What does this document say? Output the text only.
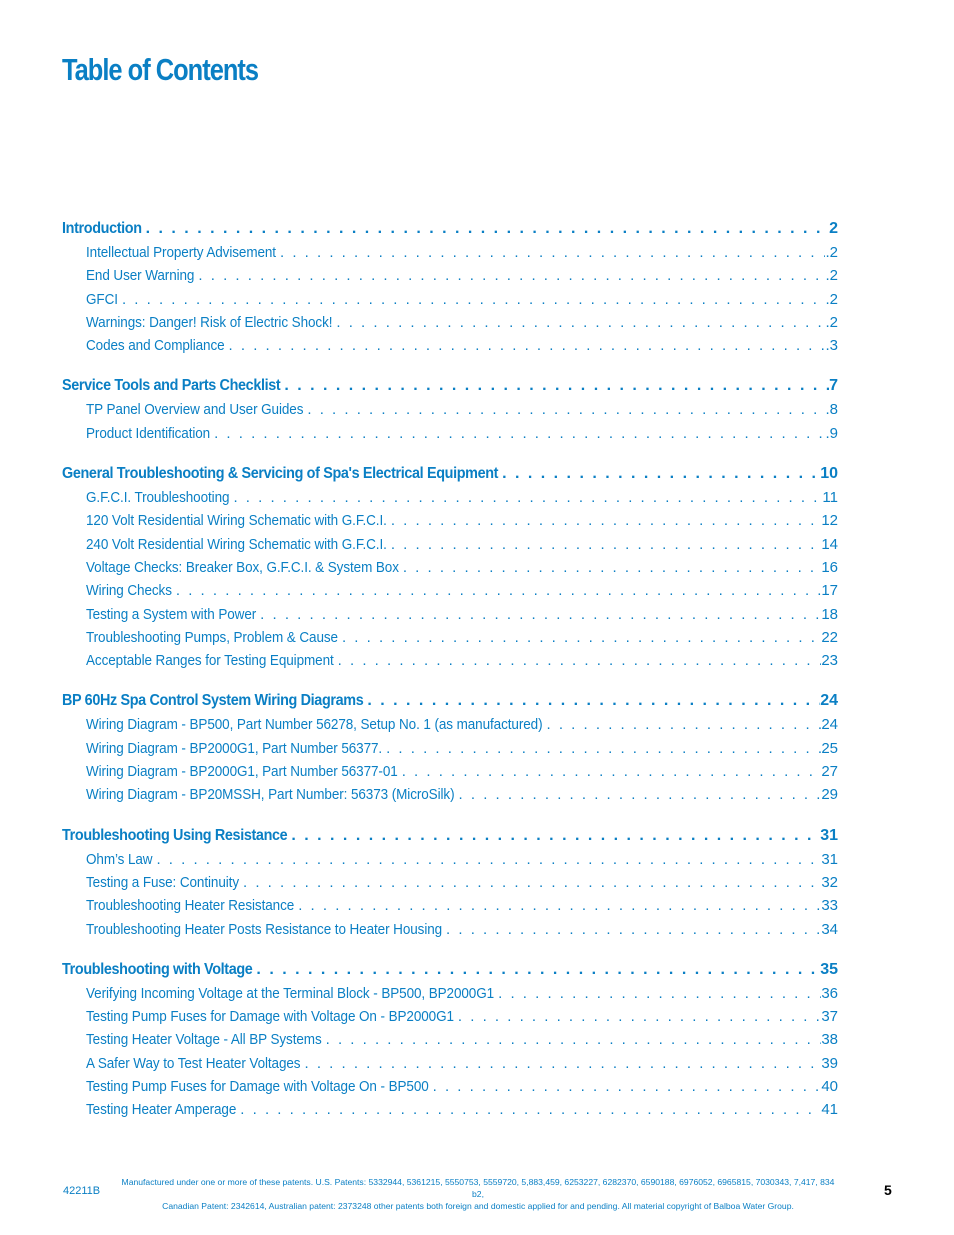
Table of Contents
Introduction . . .	2
Intellectual Property Advisement . . .	.2
End User Warning . . .	.2
GFCI . . .	.2
Warnings: Danger! Risk of Electric Shock! . . .	.2
Codes and Compliance . . .	.3
Service Tools and Parts Checklist . . .	7
TP Panel Overview and User Guides . . .	.8
Product Identification . . .	.9
General Troubleshooting & Servicing of Spa's Electrical Equipment . . .	10
G.F.C.I. Troubleshooting . . .	11
120 Volt Residential Wiring Schematic with G.F.C.I. . . .	12
240 Volt Residential Wiring Schematic with G.F.C.I. . . .	14
Voltage Checks: Breaker Box, G.F.C.I. & System Box . . .	16
Wiring Checks . . .	17
Testing a System with Power . . .	18
Troubleshooting Pumps, Problem & Cause . . .	22
Acceptable Ranges for Testing Equipment . . .	23
BP 60Hz Spa Control System Wiring Diagrams . . .	24
Wiring Diagram - BP500, Part Number 56278, Setup No. 1 (as manufactured) . . .	24
Wiring Diagram - BP2000G1, Part Number 56377. . . .	25
Wiring Diagram - BP2000G1, Part Number 56377-01 . . .	27
Wiring Diagram - BP20MSSH, Part Number: 56373 (MicroSilk) . . .	29
Troubleshooting Using Resistance . . .	31
Ohm’s Law . . .	31
Testing a Fuse: Continuity . . .	32
Troubleshooting Heater Resistance . . .	33
Troubleshooting Heater Posts Resistance to Heater Housing . . .	34
Troubleshooting with Voltage . . .	35
Verifying Incoming Voltage at the Terminal Block - BP500, BP2000G1 . . .	36
Testing Pump Fuses for Damage with Voltage On - BP2000G1 . . .	37
Testing Heater Voltage - All BP Systems . . .	38
A Safer Way to Test Heater Voltages . . .	39
Testing Pump Fuses for Damage with Voltage On - BP500 . . .	40
Testing Heater Amperage . . .	41
42211B
Manufactured under one or more of these patents. U.S. Patents: 5332944, 5361215, 5550753, 5559720, 5,883,459, 6253227, 6282370, 6590188, 6976052, 6965815, 7030343, 7,417, 834 b2,
Canadian Patent: 2342614, Australian patent: 2373248 other patents both foreign and domestic applied for and pending. All material copyright of Balboa Water Group.
5
